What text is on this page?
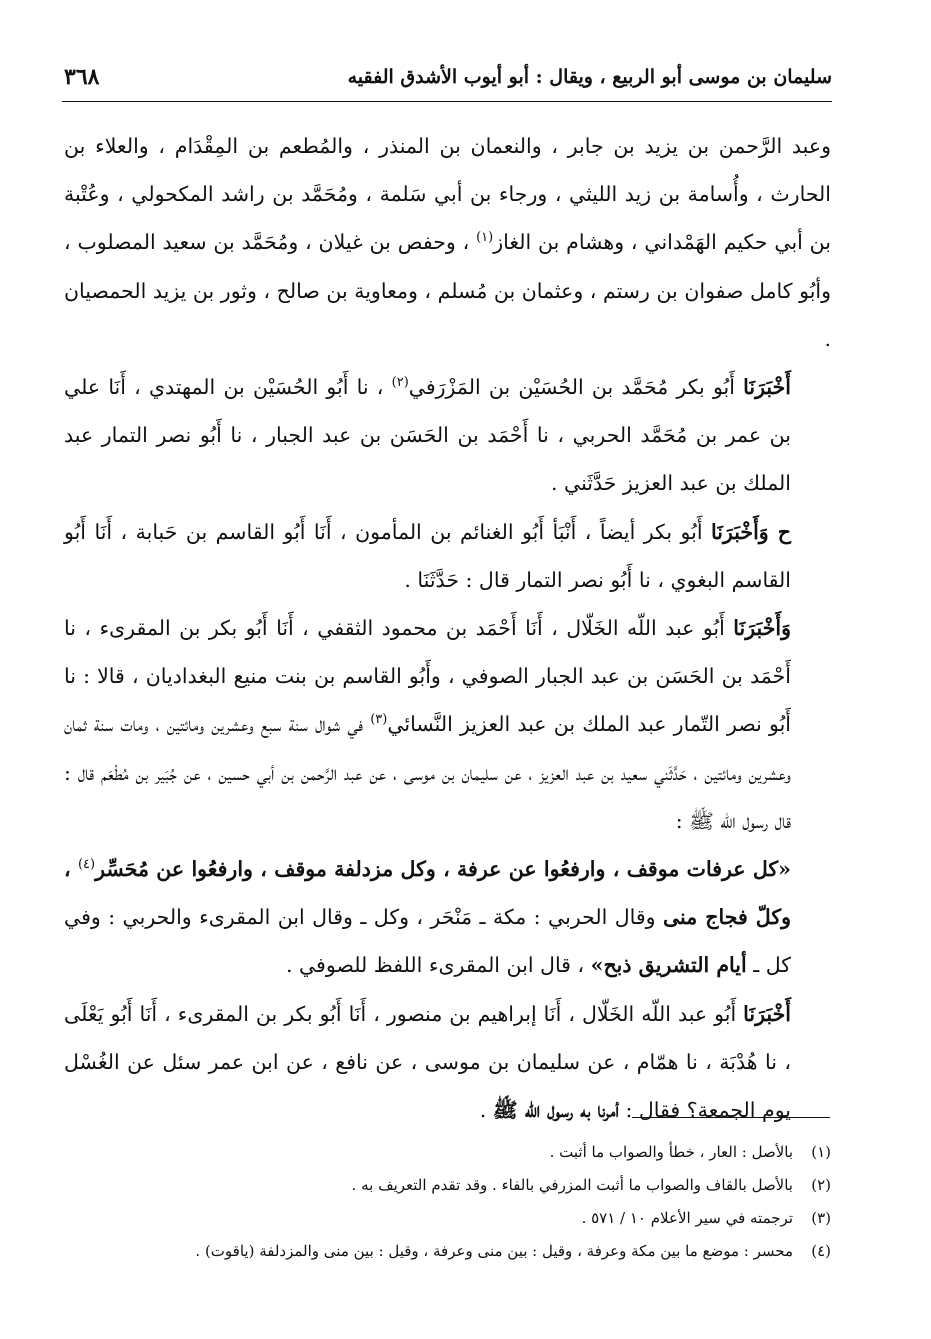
سليمان بن موسى أبو الربيع ، ويقال : أبو أيوب الأشدق الفقيه
٣٦٨

وعبد الرَّحمن بن يزيد بن جابر ، والنعمان بن المنذر ، والمُطعم بن المِقْدَام ، والعلاء بن الحارث ، وأُسامة بن زيد الليثي ، ورجاء بن أبي سَلمة ، ومُحَمَّد بن راشد المكحولي ، وعُتْبة بن أبي حكيم الهَمْداني ، وهشام بن الغاز$^{(١)}$ ، وحفص بن غيلان ، ومُحَمَّد بن سعيد المصلوب ، وأبُو كامل صفوان بن رستم ، وعثمان بن مُسلم ، ومعاوية بن صالح ، وثور بن يزيد الحمصيان .

أَخْبَرَنَا أَبُو بكر مُحَمَّد بن الحُسَيْن بن المَزْرَفي$^{(٢)}$ ، نا أَبُو الحُسَيْن بن المهتدي ، أَنَا علي بن عمر بن مُحَمَّد الحربي ، نا أَحْمَد بن الحَسَن بن عبد الجبار ، نا أَبُو نصر التمار عبد الملك بن عبد العزيز حَدَّثَني .

ح وَأَخْبَرَنَا أَبُو بكر أيضاً ، أَنْبَأ أَبُو الغنائم بن المأمون ، أَنَا أَبُو القاسم بن حَبابة ، أَنَا أَبُو القاسم البغوي ، نا أَبُو نصر التمار قال : حَدَّثَنَا .

وَأَخْبَرَنَا أَبُو عبد اللّه الخَلّال ، أَنَا أَحْمَد بن محمود الثقفي ، أَنَا أَبُو بكر بن المقرىء ، نا أَحْمَد بن الحَسَن بن عبد الجبار الصوفي ، وأَبُو القاسم بن بنت منيع البغداديان ، قالا : نا أَبُو نصر التّمار عبد الملك بن عبد العزيز النَّسائي$^{(٣)}$ في شوال سنة سبع وعشرين ومائتين ، ومات سنة ثمان وعشرين ومائتين ، حَدَّثَني سعيد بن عبد العزيز ، عن سليمان بن موسى ، عن عبد الرَّحمن بن أبي حسين ، عن جُبَير بن مُطْعَم قال : قال رسول الله ﷺ :

«كل عرفات موقف ، وارفعُوا عن عرفة ، وكل مزدلفة موقف ، وارفعُوا عن مُحَسِّر$^{(٤)}$ ، وكلّ فجاج منى وقال الحربي : مكة ـ مَنْحَر ، وكل ـ وقال ابن المقرىء والحربي : وفي كل ـ أيام التشريق ذبح» ، قال ابن المقرىء اللفظ للصوفي .

أَخْبَرَنَا أَبُو عبد اللّه الخَلّال ، أَنَا إبراهيم بن منصور ، أَنَا أَبُو بكر بن المقرىء ، أَنَا أَبُو يَعْلَى ، نا هُدْبَة ، نا همّام ، عن سليمان بن موسى ، عن نافع ، عن ابن عمر سئل عن الغُسْل يوم الجمعة؟ فقال : أمرنا به رسول الله ﷺ .

(١)بالأصل : العار ، خطأ والصواب ما أثبت .

(٢)بالأصل بالقاف والصواب ما أثبت المزرفي بالفاء . وقد تقدم التعريف به .

(٣)ترجمته في سير الأعلام ١٠ / ٥٧١ .

(٤)محسر : موضع ما بين مكة وعرفة ، وقيل : بين منى وعرفة ، وقيل : بين منى والمزدلفة (ياقوت) .
